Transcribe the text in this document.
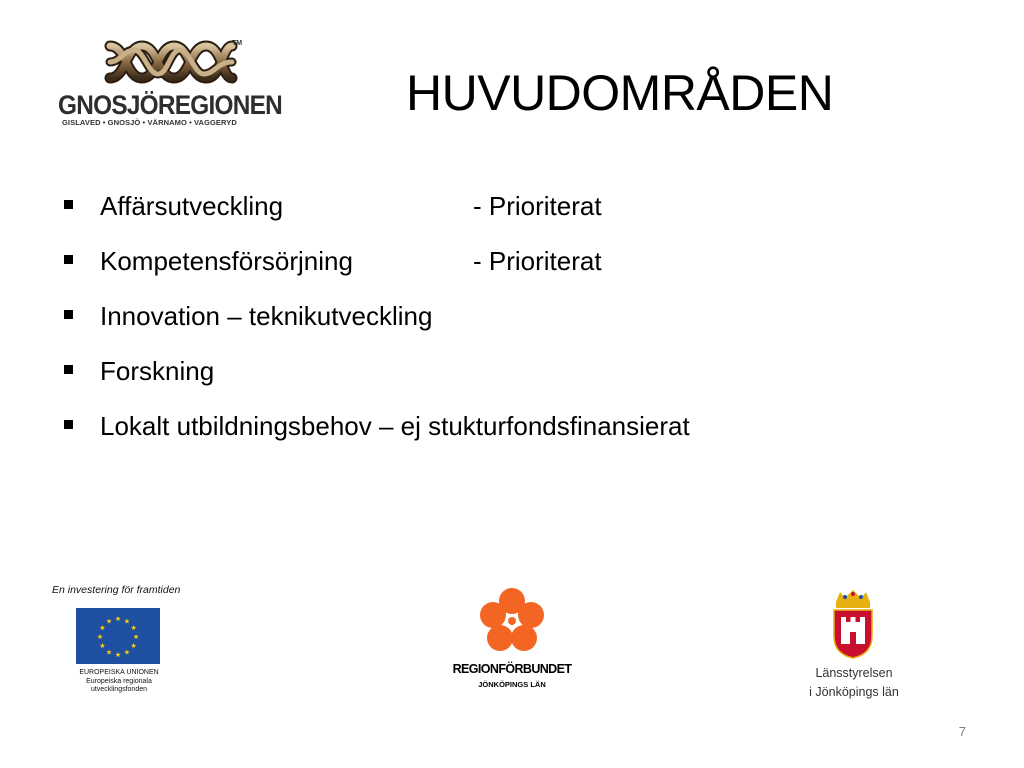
TM
GNOSJÖREGIONEN
GISLAVED • GNOSJÖ • VÄRNAMO • VAGGERYD
HUVUDOMRÅDEN
Affärsutveckling	- Prioriterat
Kompetensförsörjning	- Prioriterat
Innovation – teknikutveckling
Forskning
Lokalt utbildningsbehov – ej stukturfondsfinansierat
En investering för framtiden
★ ★
★
★
★
★
★
★
★
★
★
★
EUROPEISKA UNIONEN
Europeiska regionala
utvecklingsfonden
REGIONFÖRBUNDET
JÖNKÖPINGS LÄN
Länsstyrelsen
i Jönköpings län
7
